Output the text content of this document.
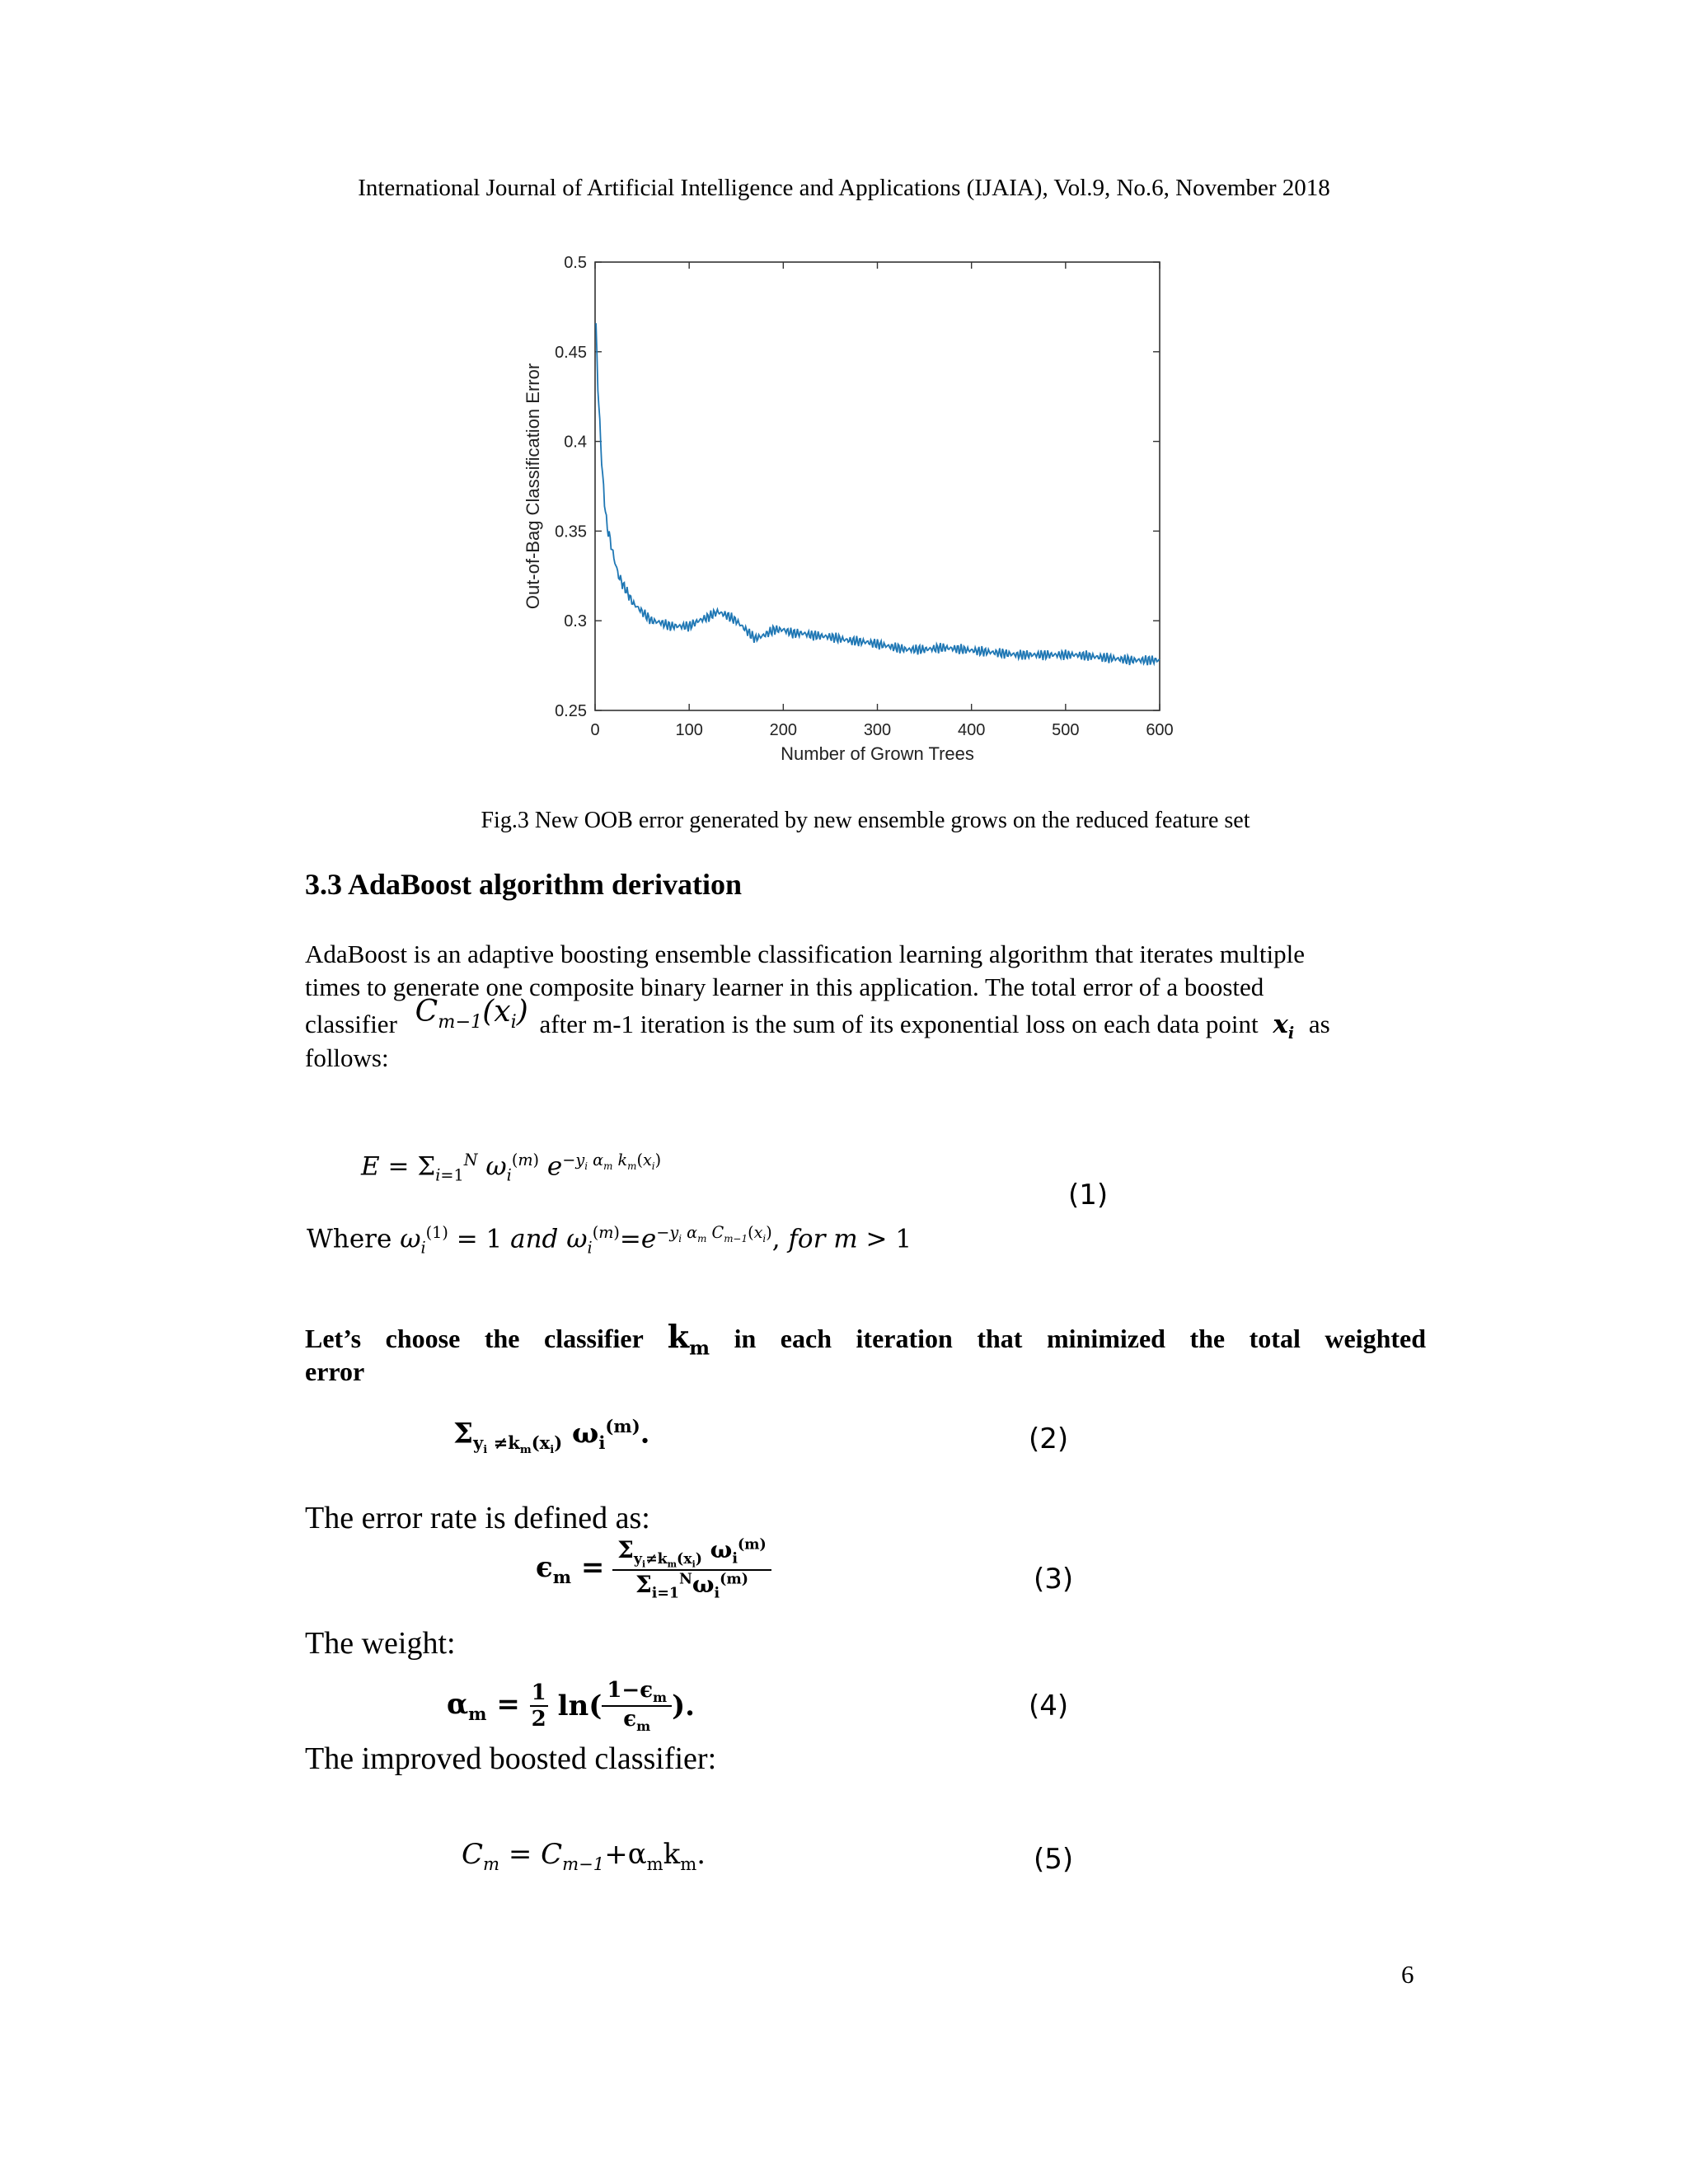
International Journal of Artificial Intelligence and Applications (IJAIA), Vol.9, No.6, November 2018
0	100	200	300	400	500	600
0.25
0.3
0.35
0.4
0.45
0.5
Number of Grown Trees
Out-of-Bag Classification Error
Fig.3 New OOB error generated by new ensemble grows on the reduced feature set
3.3 AdaBoost algorithm derivation
AdaBoost is an adaptive boosting ensemble classification learning algorithm that iterates multiple
times to generate one composite binary learner in this application. The total error of a boosted
classifier $C_{m-1}(x_i)$ after m-1 iteration is the sum of its exponential loss on each data point $x_i$ as
follows:
$E = \Sigma_{i=1}^N$ $\omega_i^{(m)}$ $e^{-y_i \alpha_m k_m(x_i)}$
(1)
Where $\omega_i^{(1)} = 1$ and $\omega_i^{(m)}=e^{-y_i \alpha_m C_{m-1}(x_i)}$, for m > 1
Let’s choose the classifier $k_m$ in each iteration that minimized the total weighted
error
$\Sigma_{y_i \ne k_m(x_i)}$ $\omega_i^{(m)}$.	(2)
The error rate is defined as:
$\epsilon_m = \frac{\Sigma_{y_i\ne k_m(x_i)} \omega_i^{(m)}}{\Sigma_{i=1}^N\omega_i^{(m)}}$	(3)
The weight:
$\alpha_m = \frac{1}{2} \ln( \frac{1-\epsilon_m}{\epsilon_m}$ ).	(4)
The improved boosted classifier:
$C_m = C_{m-1}+\alpha_mk_m$.	(5)
6
